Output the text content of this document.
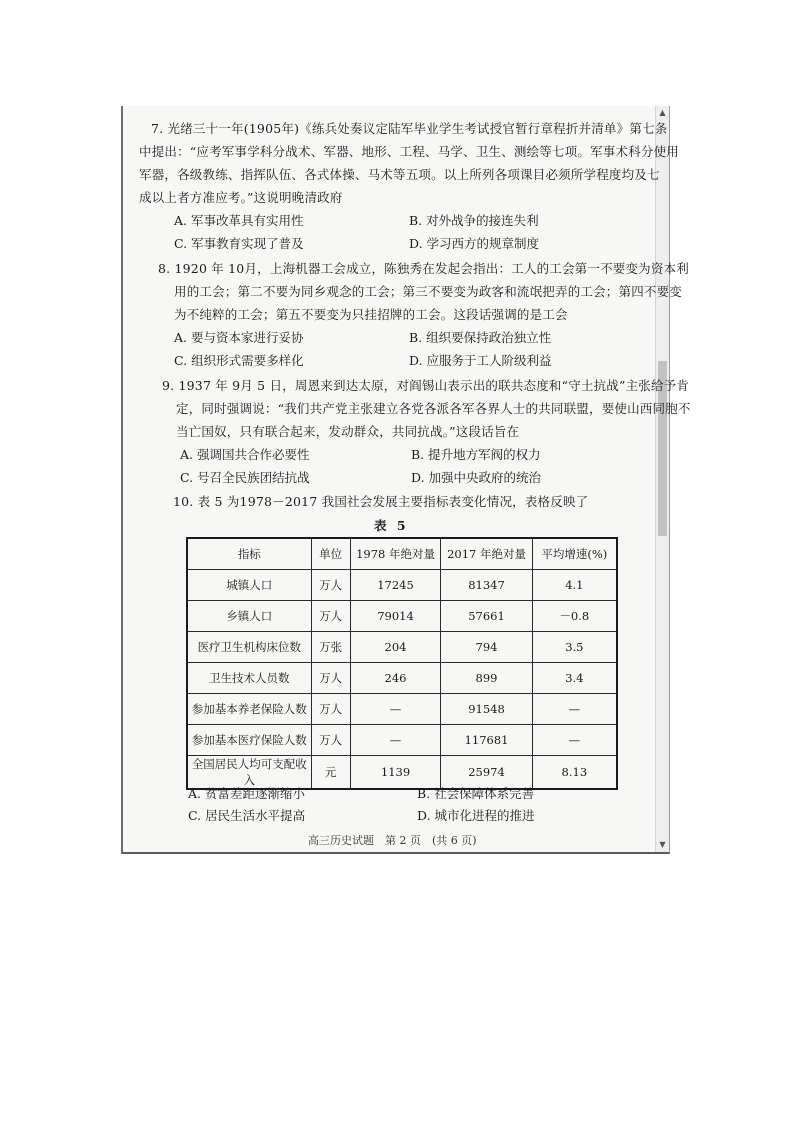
▲
▼
7. 光绪三十一年(1905年)《练兵处奏议定陆军毕业学生考试授官暂行章程折并清单》第七条
中提出：“应考军事学科分战术、军器、地形、工程、马学、卫生、测绘等七项。军事术科分使用
军器，各级教练、指挥队伍、各式体操、马术等五项。以上所列各项课目必须所学程度均及七
成以上者方准应考。”这说明晚清政府
A. 军事改革具有实用性	B. 对外战争的接连失利
C. 军事教育实现了普及	D. 学习西方的规章制度
8. 1920 年 10月，上海机器工会成立，陈独秀在发起会指出：工人的工会第一不要变为资本利
用的工会；第二不要为同乡观念的工会；第三不要变为政客和流氓把弄的工会；第四不要变
为不纯粹的工会；第五不要变为只挂招牌的工会。这段话强调的是工会
A. 要与资本家进行妥协	B. 组织要保持政治独立性
C. 组织形式需要多样化	D. 应服务于工人阶级利益
9. 1937 年 9月 5 日，周恩来到达太原，对阎锡山表示出的联共态度和“守土抗战”主张给予肯
定，同时强调说：“我们共产党主张建立各党各派各军各界人士的共同联盟，要使山西同胞不
当亡国奴，只有联合起来，发动群众，共同抗战。”这段话旨在
A. 强调国共合作必要性	B. 提升地方军阀的权力
C. 号召全民族团结抗战	D. 加强中央政府的统治
10. 表 5 为1978－2017 我国社会发展主要指标表变化情况，表格反映了
表 5
指标	单位	1978 年绝对量	2017 年绝对量	平均增速(%)
城镇人口	万人	17245	81347	4.1
乡镇人口	万人	79014	57661	－0.8
医疗卫生机构床位数	万张	204	794	3.5
卫生技术人员数	万人	246	899	3.4
参加基本养老保险人数	万人	—	91548	—
参加基本医疗保险人数	万人	—	117681	—
全国居民人均可支配收入	元	1139	25974	8.13
A. 贫富差距逐渐缩小	B. 社会保障体系完善
C. 居民生活水平提高	D. 城市化进程的推进
高三历史试题　第 2 页　(共 6 页)
